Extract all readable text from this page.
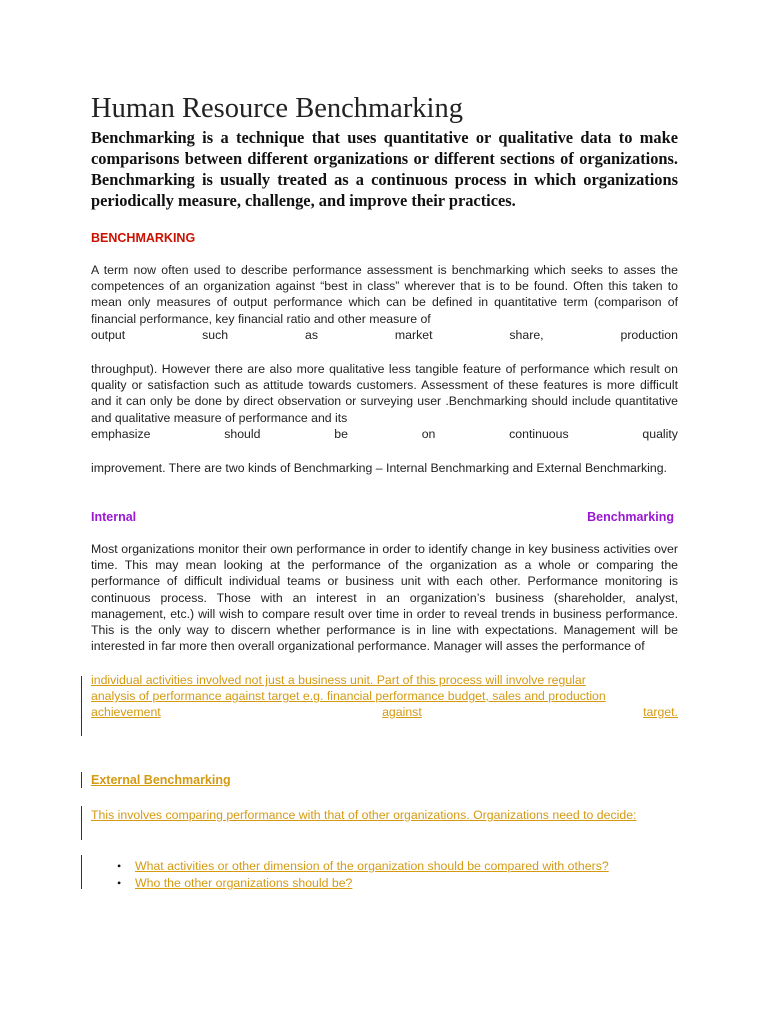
Human Resource Benchmarking

Benchmarking is a technique that uses quantitative or qualitative data to make comparisons between different organizations or different sections of organizations. Benchmarking is usually treated as a continuous process in which organizations periodically measure, challenge, and improve their practices.

BENCHMARKING

A term now often used to describe performance assessment is benchmarking which seeks to asses the competences of an organization against “best in class” wherever that is to be found. Often this taken to mean only measures of output performance which can be defined in quantitative term (comparison of financial performance, key financial ratio and other measure of

output	such	as	market	share,	production

throughput). However there are also more qualitative less tangible feature of performance which result on quality or satisfaction such as attitude towards customers. Assessment of these features is more difficult and it can only be done by direct observation or surveying user .Benchmarking should include quantitative and qualitative measure of performance and its

emphasize	should	be	on	continuous	quality

improvement. There are two kinds of Benchmarking – Internal Benchmarking and External Benchmarking.

Internal	Benchmarking

Most organizations monitor their own performance in order to identify change in key business activities over time. This may mean looking at the performance of the organization as a whole or comparing the performance of difficult individual teams or business unit with each other. Performance monitoring is continuous process. Those with an interest in an organization’s business (shareholder, analyst, management, etc.) will wish to compare result over time in order to reveal trends in business performance. This is the only way to discern whether performance is in line with expectations. Management will be interested in far more then overall organizational performance. Manager will asses the performance of

individual activities involved not just a business unit. Part of this process will involve regular
analysis of performance against target e.g. financial performance budget, sales and production
achievement	against	target.
External Benchmarking

This involves comparing performance with that of other organizations. Organizations need to decide:

• What activities or other dimension of the organization should be compared with others?
• Who the other organizations should be?
